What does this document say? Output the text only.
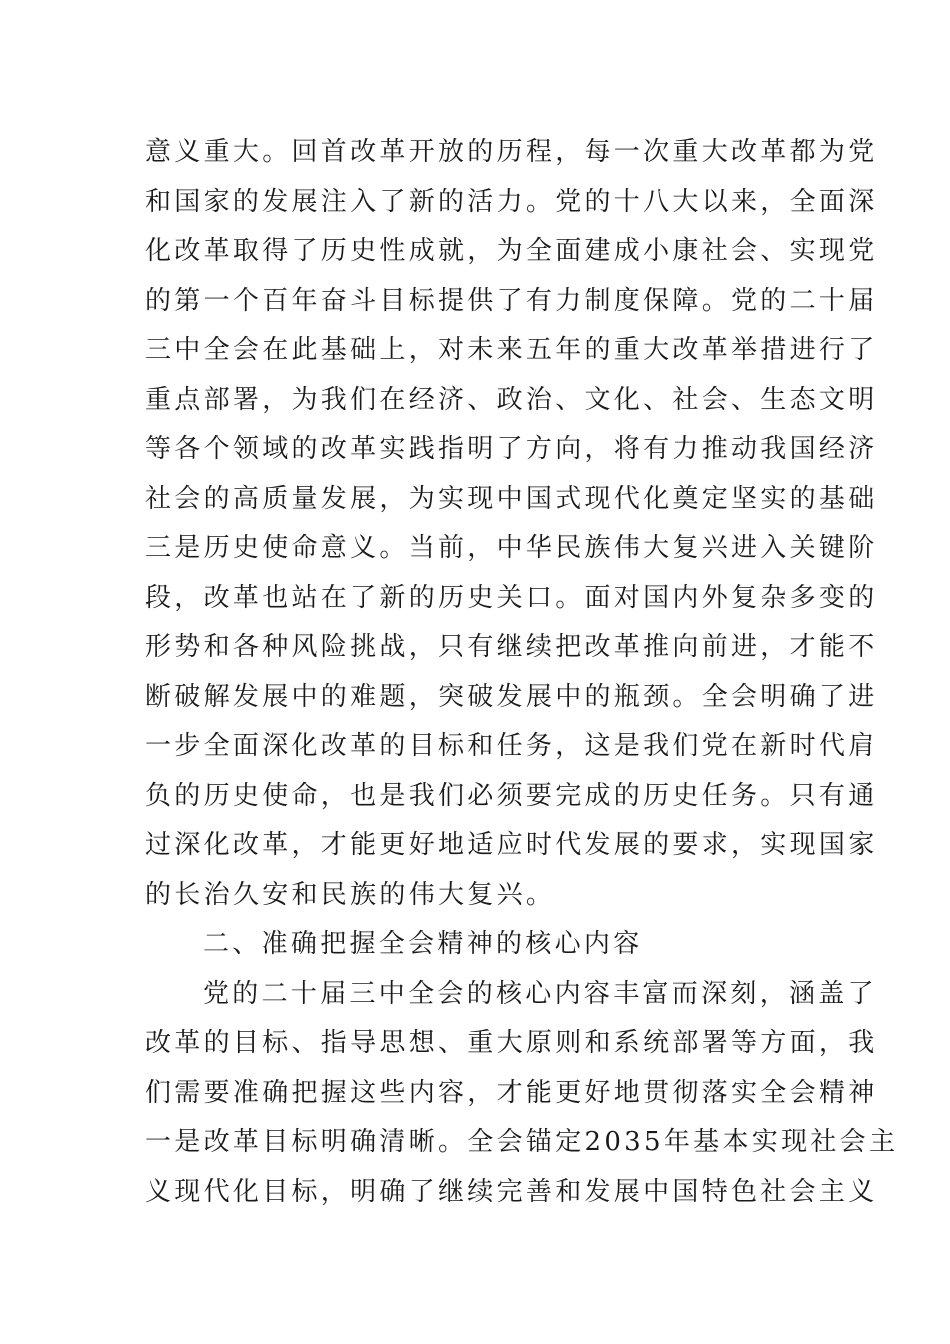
意义重大。回首改革开放的历程，每一次重大改革都为党
和国家的发展注入了新的活力。党的十八大以来，全面深
化改革取得了历史性成就，为全面建成小康社会、实现党
的第一个百年奋斗目标提供了有力制度保障。党的二十届
三中全会在此基础上，对未来五年的重大改革举措进行了
重点部署，为我们在经济、政治、文化、社会、生态文明
等各个领域的改革实践指明了方向，将有力推动我国经济
社会的高质量发展，为实现中国式现代化奠定坚实的基础
三是历史使命意义。当前，中华民族伟大复兴进入关键阶
段，改革也站在了新的历史关口。面对国内外复杂多变的
形势和各种风险挑战，只有继续把改革推向前进，才能不
断破解发展中的难题，突破发展中的瓶颈。全会明确了进
一步全面深化改革的目标和任务，这是我们党在新时代肩
负的历史使命，也是我们必须要完成的历史任务。只有通
过深化改革，才能更好地适应时代发展的要求，实现国家
的长治久安和民族的伟大复兴。
二、准确把握全会精神的核心内容
党的二十届三中全会的核心内容丰富而深刻，涵盖了
改革的目标、指导思想、重大原则和系统部署等方面，我
们需要准确把握这些内容，才能更好地贯彻落实全会精神
一是改革目标明确清晰。全会锚定2035年基本实现社会主
义现代化目标，明确了继续完善和发展中国特色社会主义
